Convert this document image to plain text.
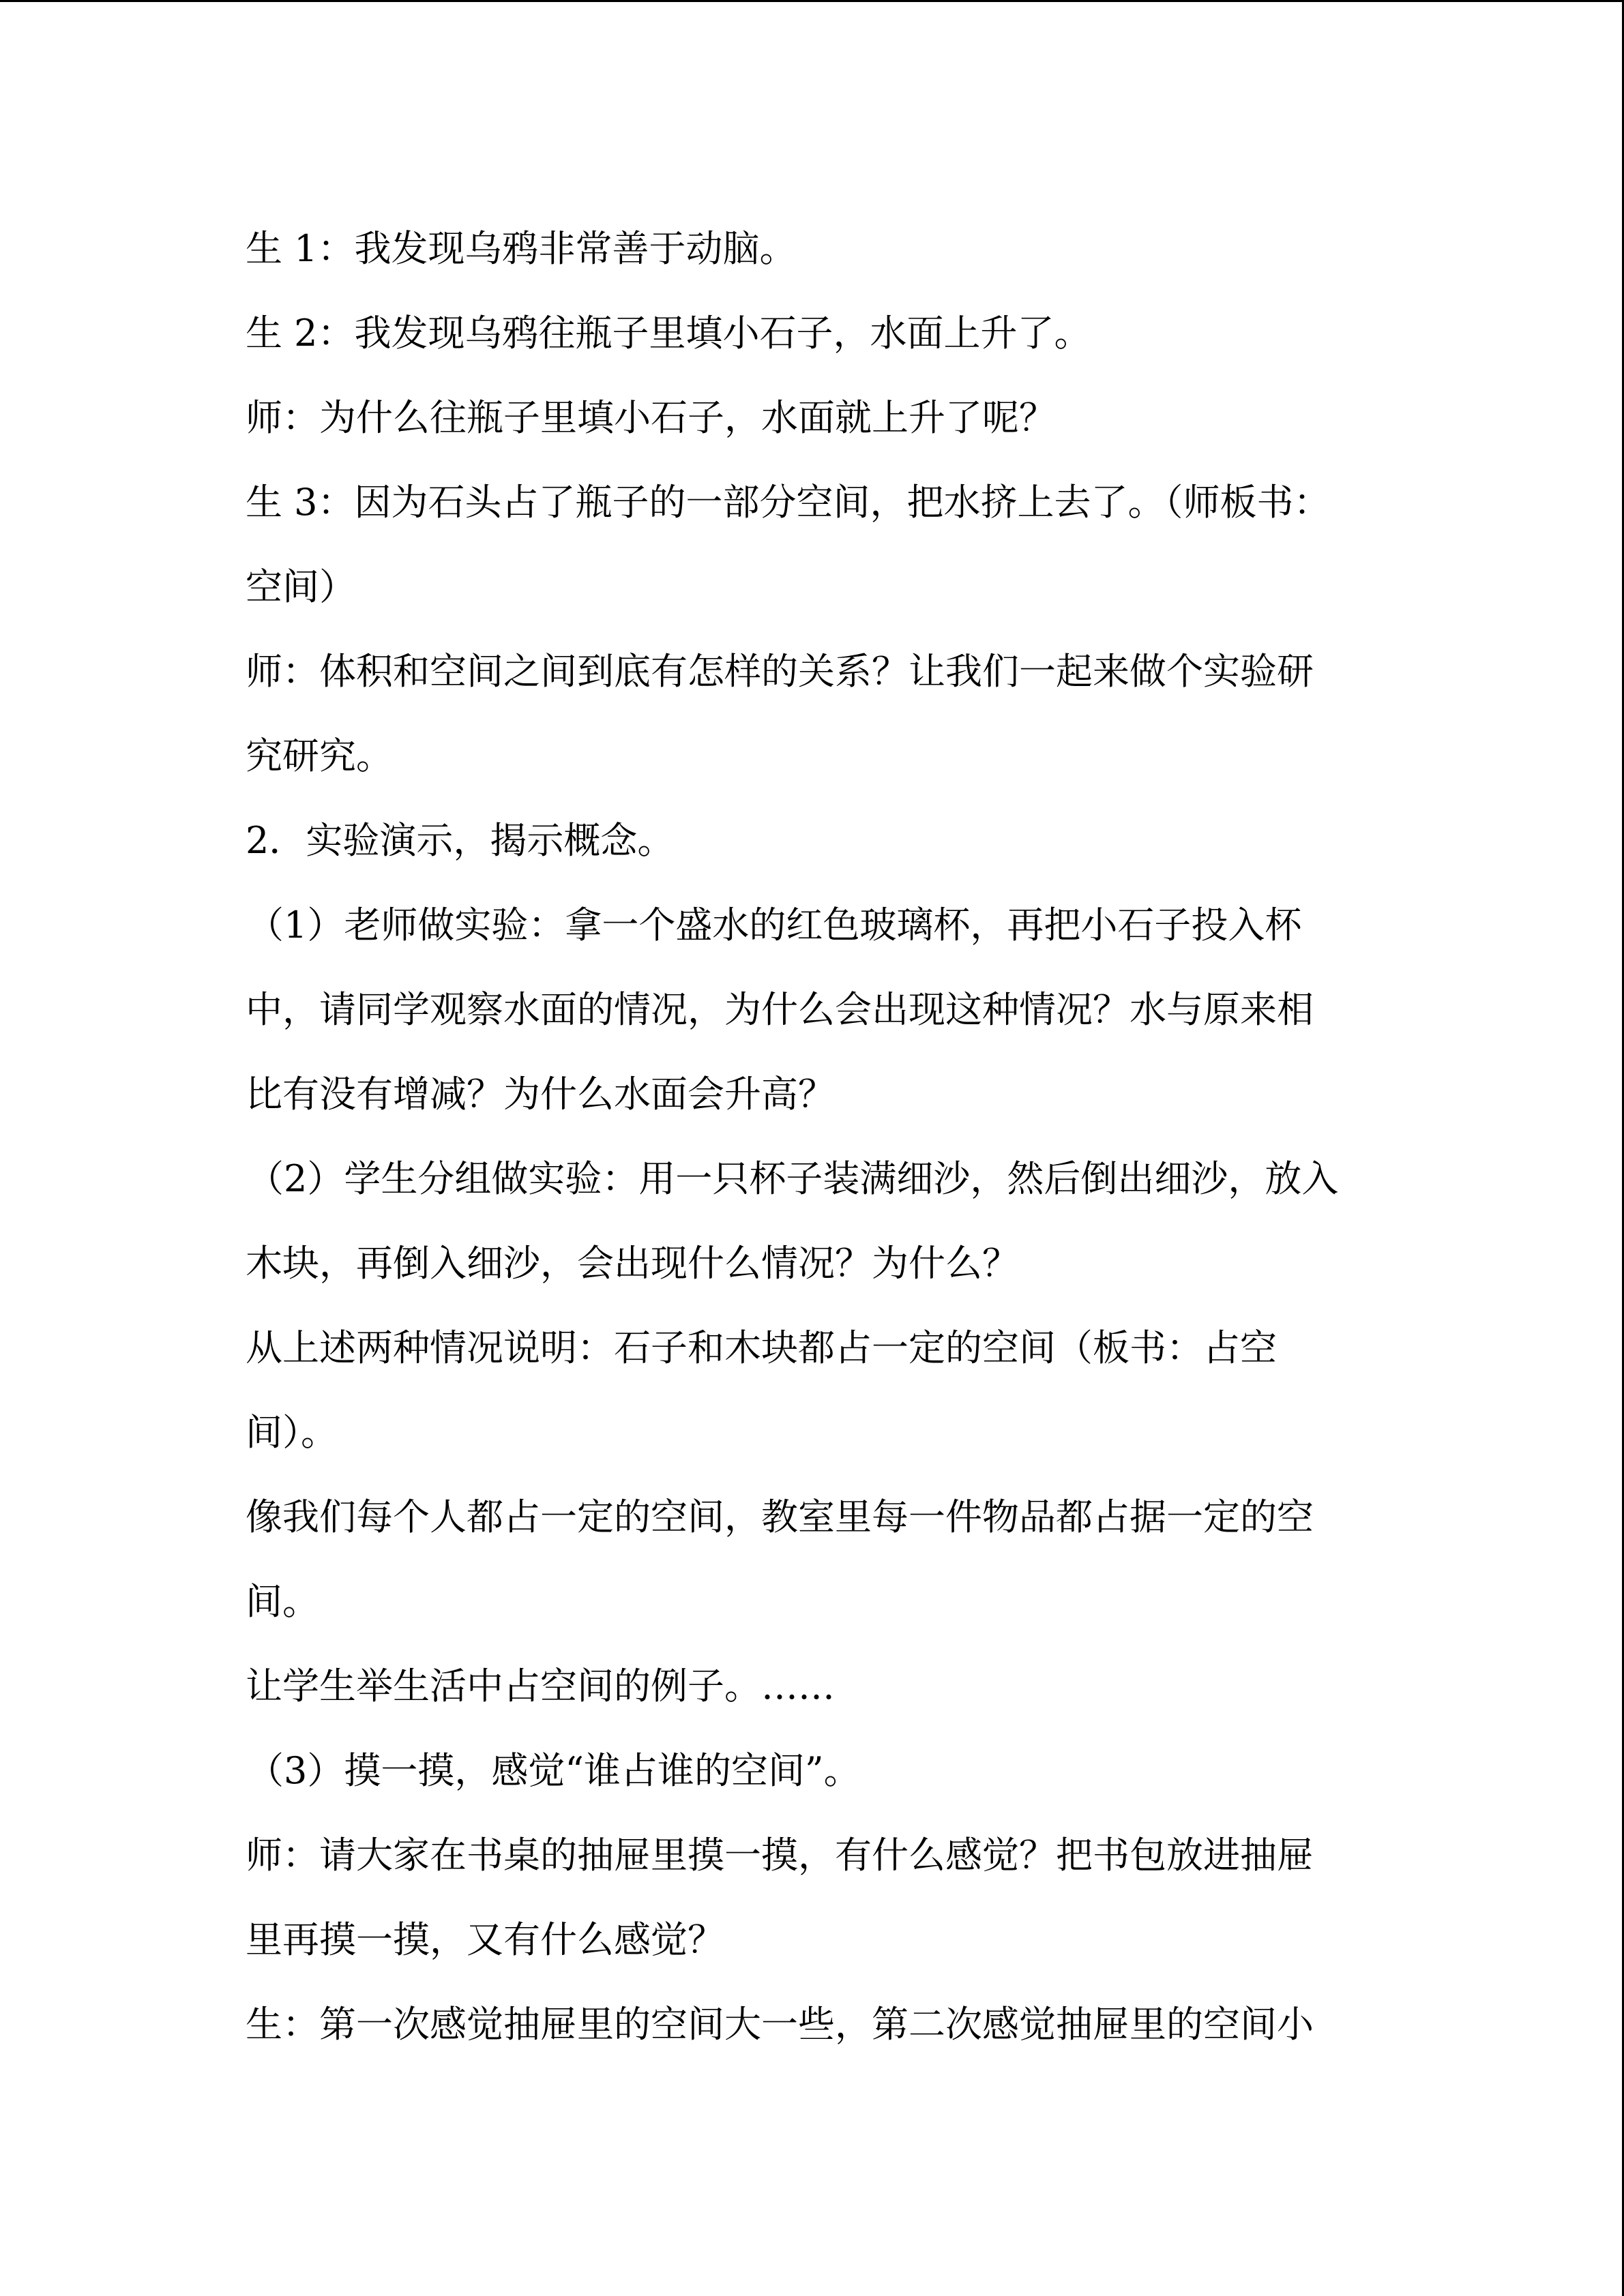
生 1：我发现乌鸦非常善于动脑。
生 2：我发现乌鸦往瓶子里填小石子，水面上升了。
师：为什么往瓶子里填小石子，水面就上升了呢？
生 3：因为石头占了瓶子的一部分空间，把水挤上去了。（师板书：
空间）
师：体积和空间之间到底有怎样的关系？让我们一起来做个实验研
究研究。
2．实验演示，揭示概念。
（1）老师做实验：拿一个盛水的红色玻璃杯，再把小石子投入杯
中，请同学观察水面的情况，为什么会出现这种情况？水与原来相
比有没有增减？为什么水面会升高？
（2）学生分组做实验：用一只杯子装满细沙，然后倒出细沙，放入
木块，再倒入细沙，会出现什么情况？为什么？
从上述两种情况说明：石子和木块都占一定的空间（板书：占空
间）。
像我们每个人都占一定的空间，教室里每一件物品都占据一定的空
间。
让学生举生活中占空间的例子。……
（3）摸一摸，感觉“谁占谁的空间”。
师：请大家在书桌的抽屉里摸一摸，有什么感觉？把书包放进抽屉
里再摸一摸，又有什么感觉？
生：第一次感觉抽屉里的空间大一些，第二次感觉抽屉里的空间小
